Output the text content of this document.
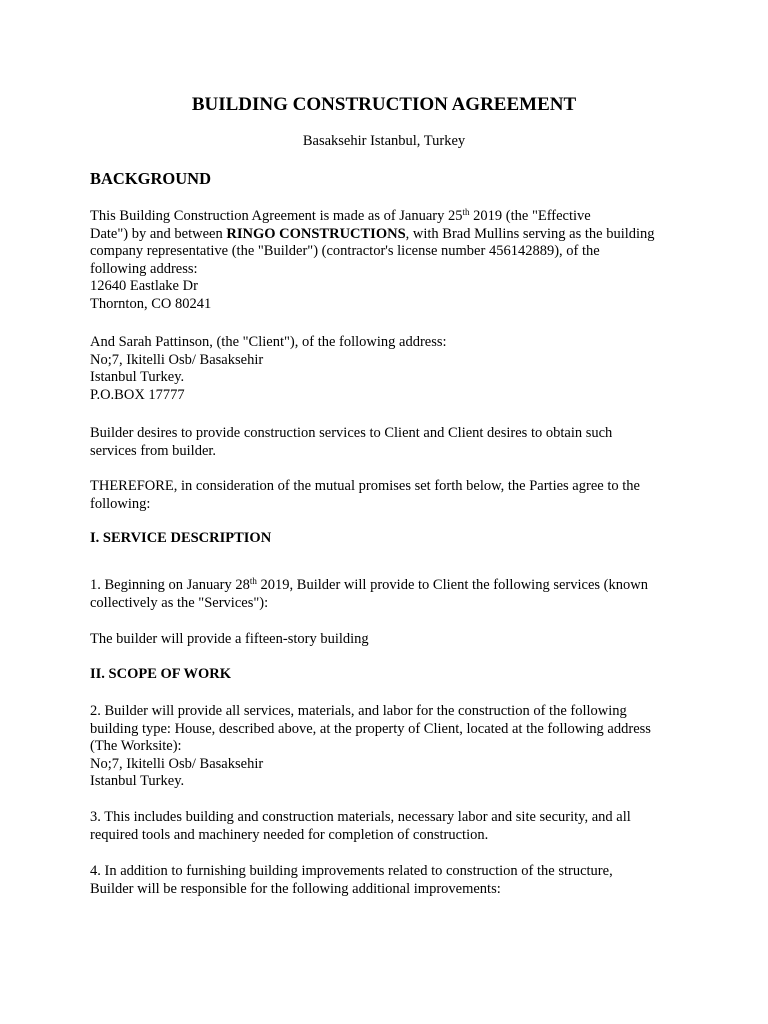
BUILDING CONSTRUCTION AGREEMENT
Basaksehir Istanbul, Turkey
BACKGROUND
This Building Construction Agreement is made as of January 25th 2019 (the "Effective
Date") by and between RINGO CONSTRUCTIONS, with Brad Mullins serving as the building
company representative (the "Builder") (contractor's license number 456142889), of the
following address:
12640 Eastlake Dr
Thornton, CO 80241
And Sarah Pattinson, (the "Client"), of the following address:
No;7, Ikitelli Osb/ Basaksehir
Istanbul Turkey.
P.O.BOX 17777
Builder desires to provide construction services to Client and Client desires to obtain such
services from builder.
THEREFORE, in consideration of the mutual promises set forth below, the Parties agree to the
following:
I. SERVICE DESCRIPTION
1. Beginning on January 28th 2019, Builder will provide to Client the following services (known
collectively as the "Services"):
The builder will provide a fifteen-story building
II. SCOPE OF WORK
2. Builder will provide all services, materials, and labor for the construction of the following
building type: House, described above, at the property of Client, located at the following address
(The Worksite):
No;7, Ikitelli Osb/ Basaksehir
Istanbul Turkey.
3. This includes building and construction materials, necessary labor and site security, and all
required tools and machinery needed for completion of construction.
4. In addition to furnishing building improvements related to construction of the structure,
Builder will be responsible for the following additional improvements:
